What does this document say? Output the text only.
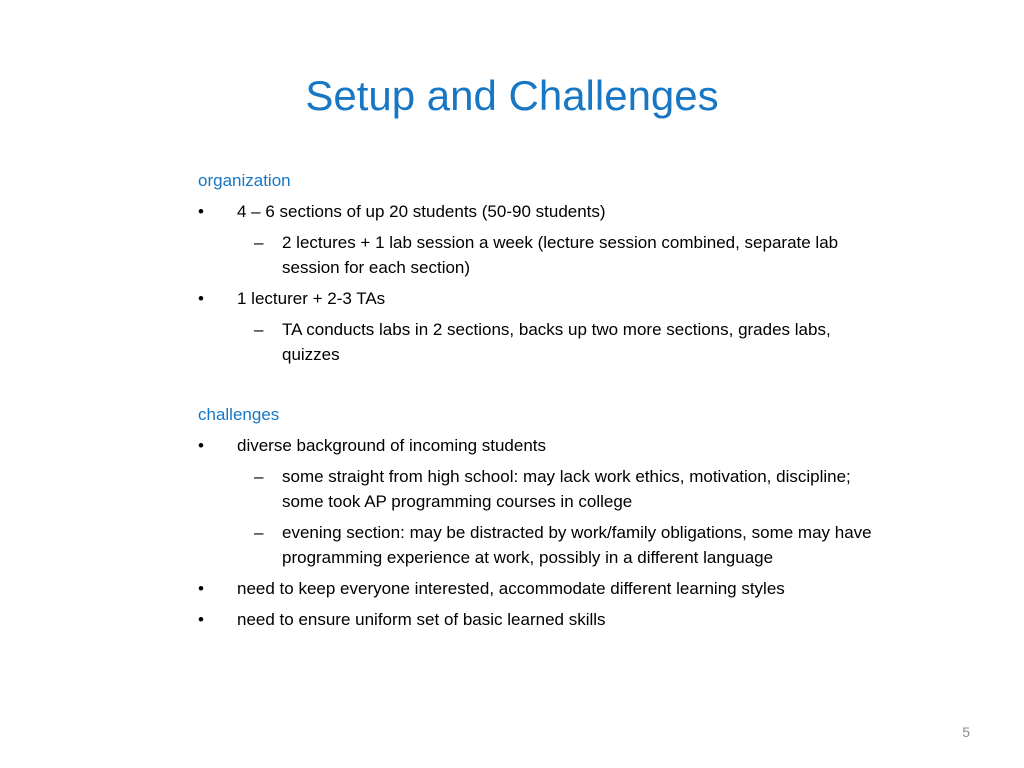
Setup and Challenges
organization
•	4 – 6 sections of up 20 students (50-90 students)
–	2 lectures + 1 lab session a week (lecture session combined, separate lab session for each section)
•	1 lecturer + 2-3 TAs
–	TA conducts labs in 2 sections, backs up two more sections, grades labs, quizzes
challenges
•	diverse background of incoming students
–	some straight from high school: may lack work ethics, motivation, discipline; some took AP programming courses in college
–	evening section: may be distracted by work/family obligations, some may have programming experience at work, possibly in a different language
•	need to keep everyone interested, accommodate different learning styles
•	need to ensure uniform set of basic learned skills
5
